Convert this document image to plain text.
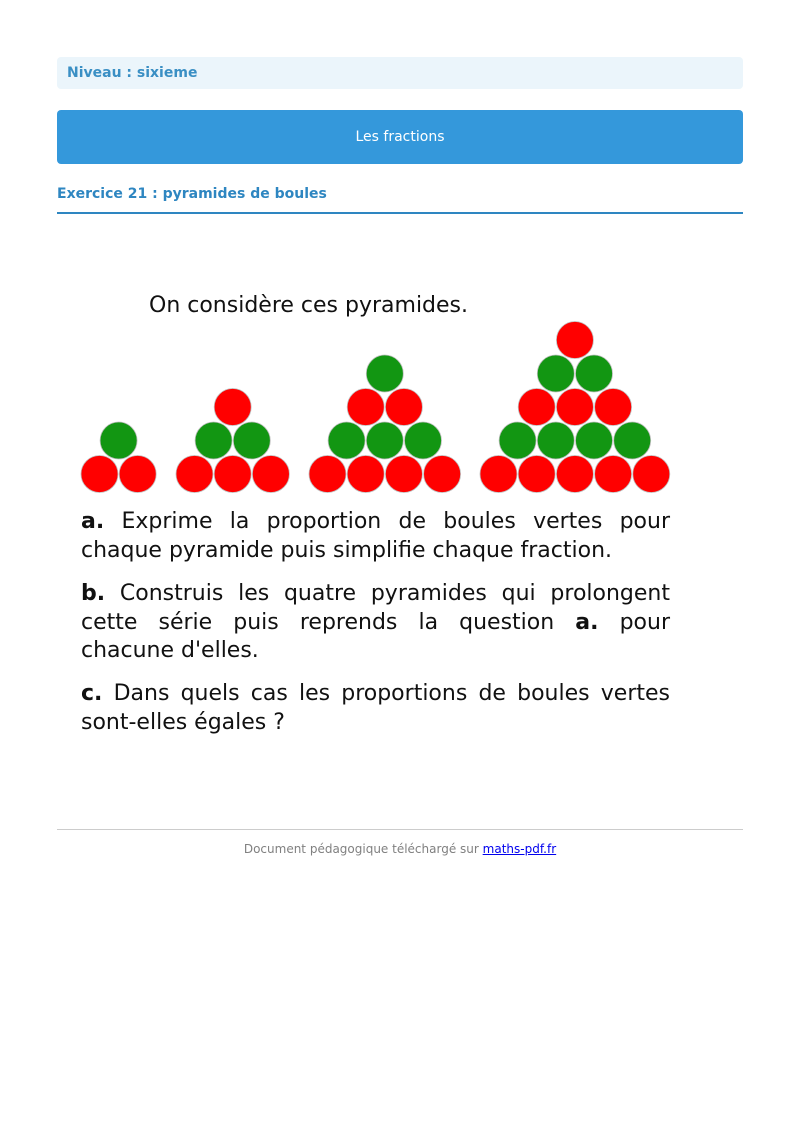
Niveau : sixieme
Les fractions
Exercice 21 : pyramides de boules
On considère ces pyramides.
a. Exprime la proportion de boules vertes pour chaque pyramide puis simplifie chaque fraction.
b. Construis les quatre pyramides qui prolongent cette série puis reprends la question a. pour chacune d'elles.
c. Dans quels cas les proportions de boules vertes sont-elles égales ?
Document pédagogique téléchargé sur maths-pdf.fr
